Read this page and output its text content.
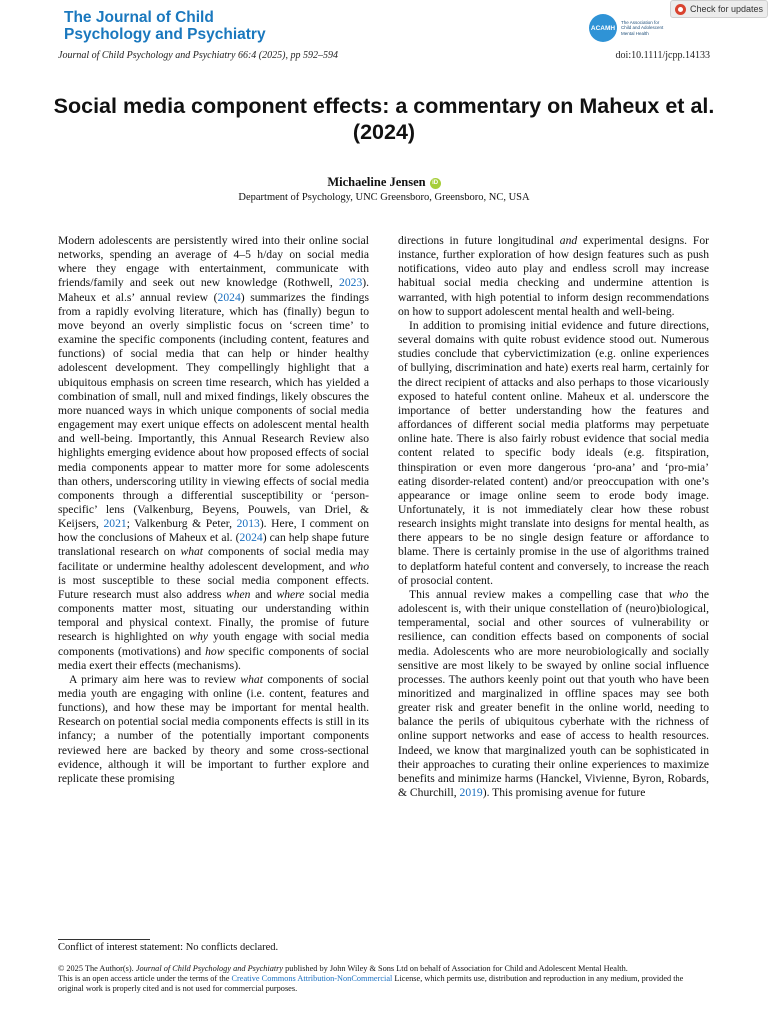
The Journal of Child
Psychology and Psychiatry	ACAMH
The Association for Child and Adolescent Mental Health
Check for updates
Journal of Child Psychology and Psychiatry 66:4 (2025), pp 592–594	doi:10.1111/jcpp.14133
Social media component effects: a commentary on Maheux et al. (2024)
Michaeline Jensen iD
Department of Psychology, UNC Greensboro, Greensboro, NC, USA

Modern adolescents are persistently wired into their online social networks, spending an average of 4–5 h/day on social media where they engage with entertainment, communicate with friends/family and seek out new knowledge (Rothwell, 2023). Maheux et al.s’ annual review (2024) summarizes the findings from a rapidly evolving literature, which has (finally) begun to move beyond an overly simplistic focus on ‘screen time’ to examine the specific components (including content, features and functions) of social media that can help or hinder healthy adolescent development. They compellingly highlight that a ubiquitous emphasis on screen time research, which has yielded a combination of small, null and mixed findings, likely obscures the more nuanced ways in which unique components of social media engagement may exert unique effects on adolescent mental health and well-being. Importantly, this Annual Research Review also highlights emerging evidence about how proposed effects of social media components appear to matter more for some adolescents than others, underscoring utility in viewing effects of social media components through a differential susceptibility or ‘person-specific’ lens (Valkenburg, Beyens, Pouwels, van Driel, & Keijsers, 2021; Valkenburg & Peter, 2013). Here, I comment on how the conclusions of Maheux et al. (2024) can help shape future translational research on what components of social media may facilitate or undermine healthy adolescent development, and who is most susceptible to these social media component effects. Future research must also address when and where social media components matter most, situating our understanding within temporal and physical context. Finally, the promise of future research is highlighted on why youth engage with social media components (motivations) and how specific components of social media exert their effects (mechanisms).

A primary aim here was to review what components of social media youth are engaging with online (i.e. content, features and functions), and how these may be important for mental health. Research on potential social media components effects is still in its infancy; a number of the potentially important components reviewed here are backed by theory and some cross-sectional evidence, although it will be important to further explore and replicate these promising

directions in future longitudinal and experimental designs. For instance, further exploration of how design features such as push notifications, video auto play and endless scroll may increase habitual social media checking and undermine attention is warranted, with high potential to inform design recommendations on how to support adolescent mental health and well-being.

In addition to promising initial evidence and future directions, several domains with quite robust evidence stood out. Numerous studies conclude that cybervictimization (e.g. online experiences of bullying, discrimination and hate) exerts real harm, certainly for the direct recipient of attacks and also perhaps to those vicariously exposed to hateful content online. Maheux et al. underscore the importance of better understanding how the features and affordances of different social media platforms may perpetuate online hate. There is also fairly robust evidence that social media content related to specific body ideals (e.g. fitspiration, thinspiration or even more dangerous ‘pro-ana’ and ‘pro-mia’ eating disorder-related content) and/or preoccupation with one’s appearance or image online seem to erode body image. Unfortunately, it is not immediately clear how these robust research insights might translate into designs for mental health, as there appears to be no single design feature or affordance to blame. There is certainly promise in the use of algorithms trained to deplatform hateful content and conversely, to increase the reach of prosocial content.

This annual review makes a compelling case that who the adolescent is, with their unique constellation of (neuro)biological, temperamental, social and other sources of vulnerability or resilience, can condition effects based on components of social media. Adolescents who are more neurobiologically and socially sensitive are most likely to be swayed by online social influence processes. The authors keenly point out that youth who have been minoritized and marginalized in offline spaces may see both greater risk and greater benefit in the online world, needing to balance the perils of ubiquitous cyberhate with the richness of online support networks and ease of access to health resources. Indeed, we know that marginalized youth can be sophisticated in their approaches to curating their online experiences to maximize benefits and minimize harms (Hanckel, Vivienne, Byron, Robards, & Churchill, 2019). This promising avenue for future

Conflict of interest statement: No conflicts declared.
© 2025 The Author(s). Journal of Child Psychology and Psychiatry published by John Wiley & Sons Ltd on behalf of Association for Child and Adolescent Mental Health.
This is an open access article under the terms of the Creative Commons Attribution-NonCommercial License, which permits use, distribution and reproduction in any medium, provided the original work is properly cited and is not used for commercial purposes.
